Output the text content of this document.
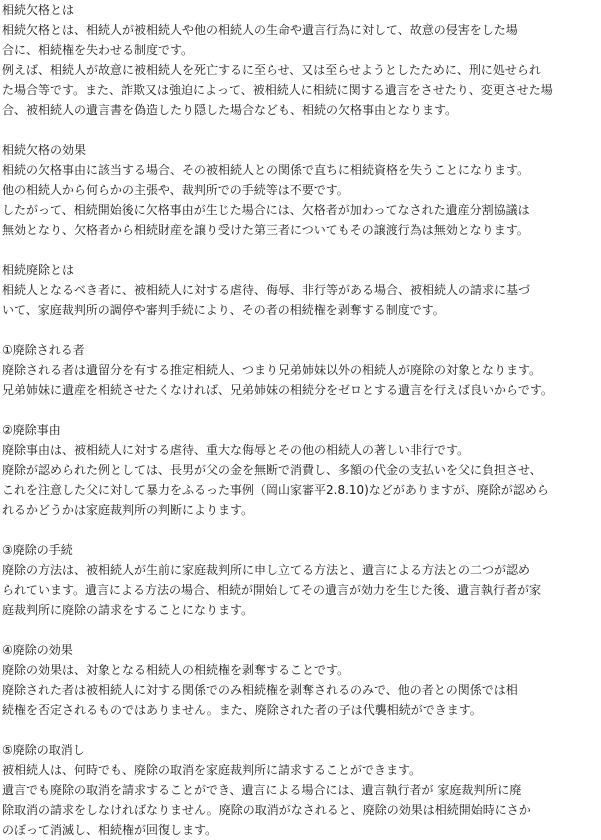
相続欠格とは
相続欠格とは、相続人が被相続人や他の相続人の生命や遺言行為に対して、故意の侵害をした場
合に、相続権を失わせる制度です。
例えば、相続人が故意に被相続人を死亡するに至らせ、又は至らせようとしたために、刑に処せられ
た場合等です。また、詐欺又は強迫によって、被相続人に相続に関する遺言をさせたり、変更させた場
合、被相続人の遺言書を偽造したり隠した場合なども、相続の欠格事由となります。
相続欠格の効果
相続の欠格事由に該当する場合、その被相続人との関係で直ちに相続資格を失うことになります。
他の相続人から何らかの主張や、裁判所での手続等は不要です。
したがって、相続開始後に欠格事由が生じた場合には、欠格者が加わってなされた遺産分割協議は
無効となり、欠格者から相続財産を譲り受けた第三者についてもその譲渡行為は無効となります。
相続廃除とは
相続人となるべき者に、被相続人に対する虐待、侮辱、非行等がある場合、被相続人の請求に基づ
いて、家庭裁判所の調停や審判手続により、その者の相続権を剥奪する制度です。
①廃除される者
廃除される者は遺留分を有する推定相続人、つまり兄弟姉妹以外の相続人が廃除の対象となります。
兄弟姉妹に遺産を相続させたくなければ、兄弟姉妹の相続分をゼロとする遺言を行えば良いからです。
②廃除事由
廃除事由は、被相続人に対する虐待、重大な侮辱とその他の相続人の著しい非行です。
廃除が認められた例としては、長男が父の金を無断で消費し、多額の代金の支払いを父に負担させ、
これを注意した父に対して暴力をふるった事例（岡山家審平2.8.10)などがありますが、廃除が認めら
れるかどうかは家庭裁判所の判断によります。
③廃除の手続
廃除の方法は、被相続人が生前に家庭裁判所に申し立てる方法と、遺言による方法との二つが認め
られています。遺言による方法の場合、相続が開始してその遺言が効力を生じた後、遺言執行者が家
庭裁判所に廃除の請求をすることになります。
④廃除の効果
廃除の効果は、対象となる相続人の相続権を剥奪することです。
廃除された者は被相続人に対する関係でのみ相続権を剥奪されるのみで、他の者との関係では相
続権を否定されるものではありません。また、廃除された者の子は代襲相続ができます。
⑤廃除の取消し
被相続人は、何時でも、廃除の取消を家庭裁判所に請求することができます。
遺言でも廃除の取消を請求することができ、遺言による場合には、遺言執行者が 家庭裁判所に廃
除取消の請求をしなければなりません。廃除の取消がなされると、廃除の効果は相続開始時にさか
のぼって消滅し、相続権が回復します。
